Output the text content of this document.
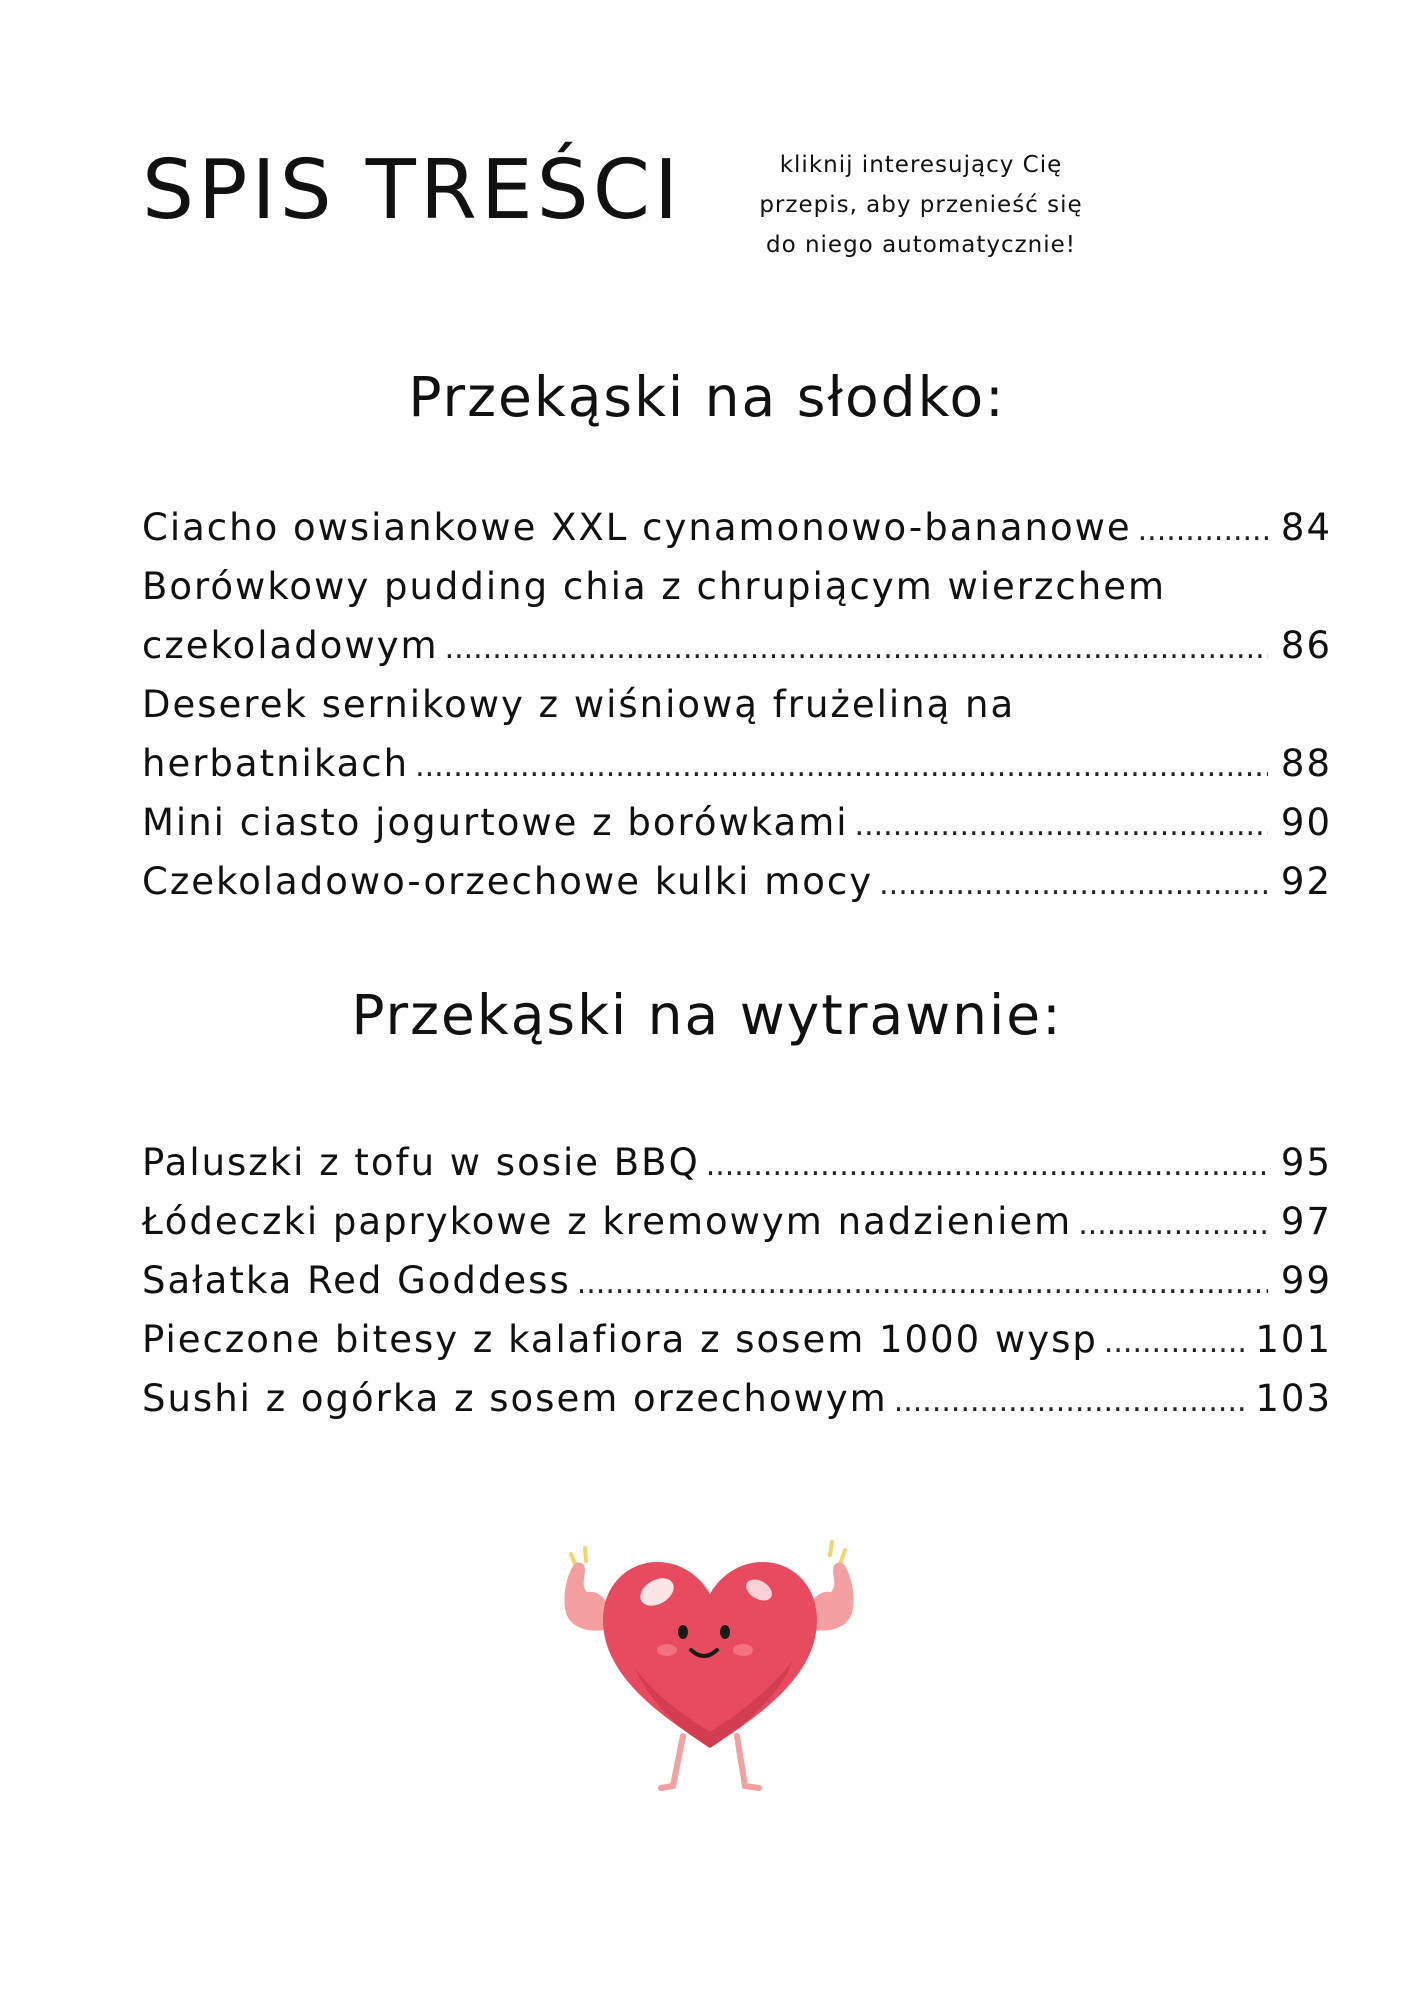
SPIS TREŚCI	kliknij interesujący Cię
przepis, aby przenieść się
do niego automatycznie!

Przekąski na słodko:
Ciacho owsiankowe XXL cynamonowo-bananowe .....	84
Borówkowy pudding chia z chrupiącym wierzchem
czekoladowym .....	86
Deserek sernikowy z wiśniową frużeliną na
herbatnikach .....	88
Mini ciasto jogurtowe z borówkami .....	90
Czekoladowo-orzechowe kulki mocy .....	92
Przekąski na wytrawnie:
Paluszki z tofu w sosie BBQ .....	95
Łódeczki paprykowe z kremowym nadzieniem .....	97
Sałatka Red Goddess .....	99
Pieczone bitesy z kalafiora z sosem 1000 wysp .....	101
Sushi z ogórka z sosem orzechowym .....	103
